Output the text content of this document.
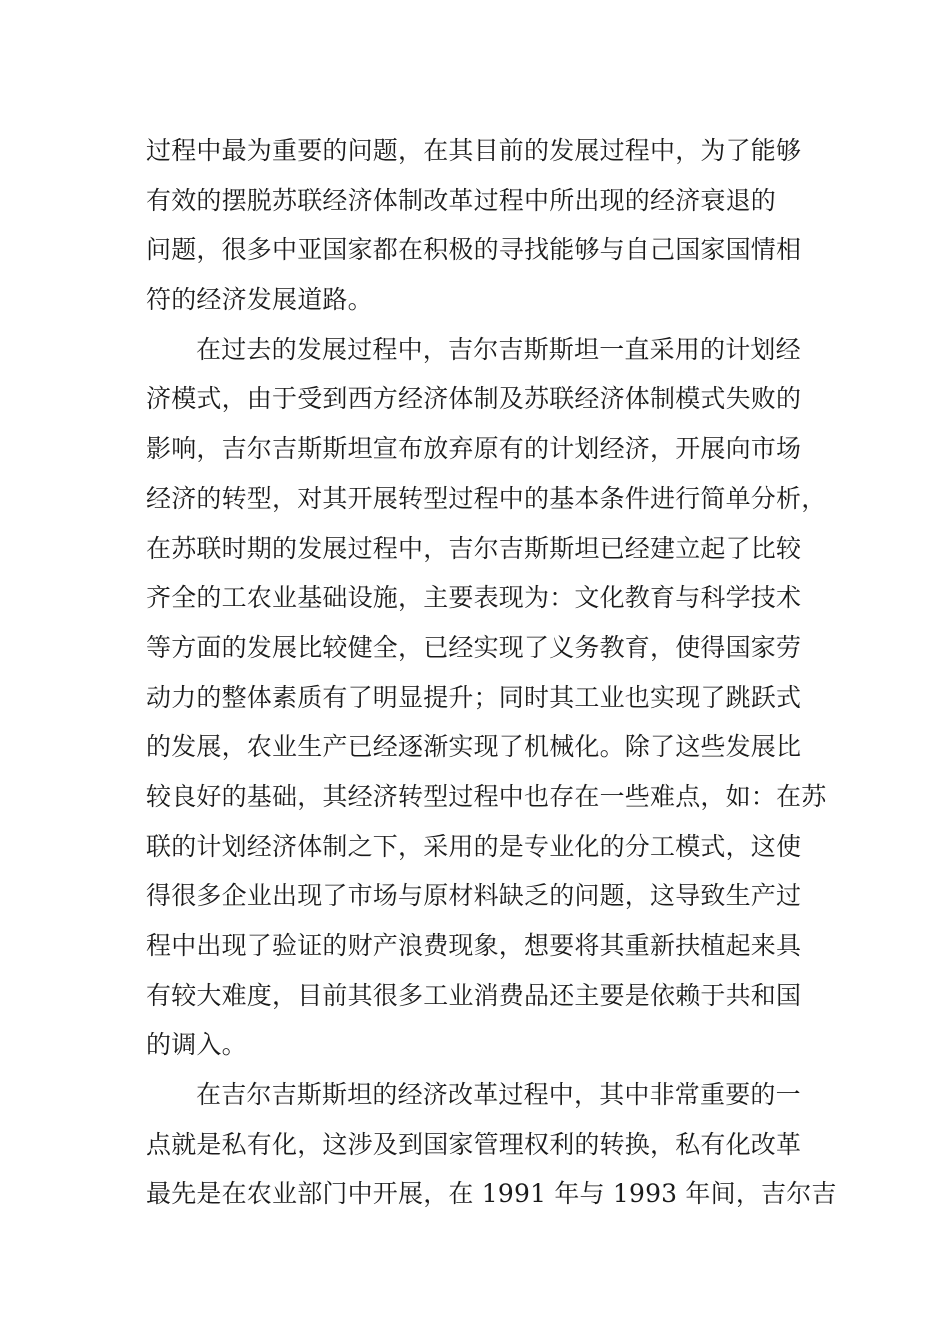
过程中最为重要的问题，在其目前的发展过程中，为了能够
有效的摆脱苏联经济体制改革过程中所出现的经济衰退的
问题，很多中亚国家都在积极的寻找能够与自己国家国情相
符的经济发展道路。
在过去的发展过程中，吉尔吉斯斯坦一直采用的计划经
济模式，由于受到西方经济体制及苏联经济体制模式失败的
影响，吉尔吉斯斯坦宣布放弃原有的计划经济，开展向市场
经济的转型，对其开展转型过程中的基本条件进行简单分析，
在苏联时期的发展过程中，吉尔吉斯斯坦已经建立起了比较
齐全的工农业基础设施，主要表现为：文化教育与科学技术
等方面的发展比较健全，已经实现了义务教育，使得国家劳
动力的整体素质有了明显提升；同时其工业也实现了跳跃式
的发展，农业生产已经逐渐实现了机械化。除了这些发展比
较良好的基础，其经济转型过程中也存在一些难点，如：在苏
联的计划经济体制之下，采用的是专业化的分工模式，这使
得很多企业出现了市场与原材料缺乏的问题，这导致生产过
程中出现了验证的财产浪费现象，想要将其重新扶植起来具
有较大难度，目前其很多工业消费品还主要是依赖于共和国
的调入。
在吉尔吉斯斯坦的经济改革过程中，其中非常重要的一
点就是私有化，这涉及到国家管理权利的转换，私有化改革
最先是在农业部门中开展，在 1991 年与 1993 年间，吉尔吉
